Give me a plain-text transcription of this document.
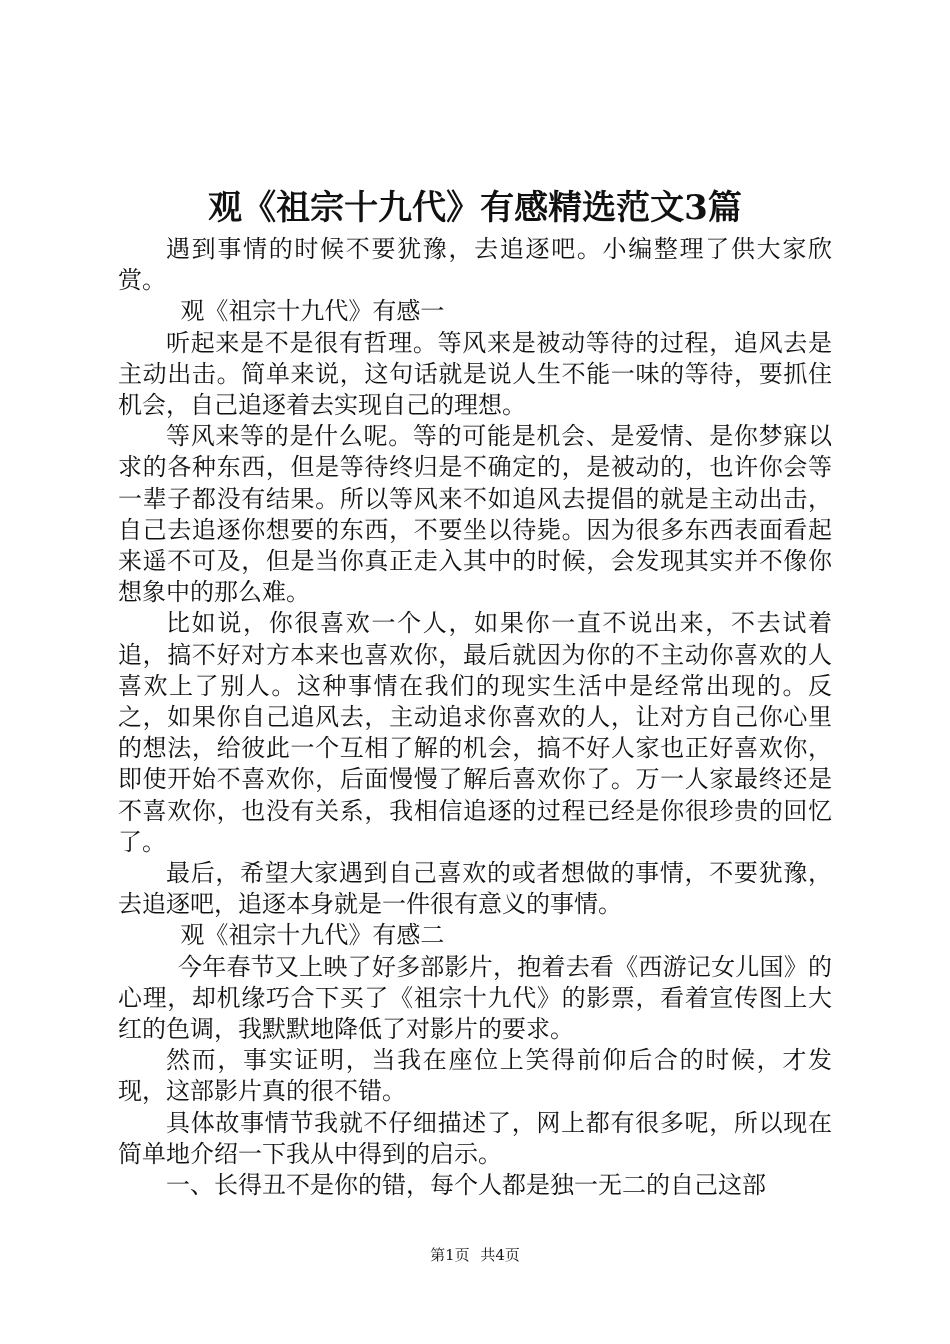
观《祖宗十九代》有感精选范文3篇

遇到事情的时候不要犹豫，去追逐吧。小编整理了供大家欣赏。

观《祖宗十九代》有感一

听起来是不是很有哲理。等风来是被动等待的过程，追风去是主动出击。简单来说，这句话就是说人生不能一味的等待，要抓住机会，自己追逐着去实现自己的理想。

等风来等的是什么呢。等的可能是机会、是爱情、是你梦寐以求的各种东西，但是等待终归是不确定的，是被动的，也许你会等一辈子都没有结果。所以等风来不如追风去提倡的就是主动出击，自己去追逐你想要的东西，不要坐以待毙。因为很多东西表面看起来遥不可及，但是当你真正走入其中的时候，会发现其实并不像你想象中的那么难。

比如说，你很喜欢一个人，如果你一直不说出来，不去试着追，搞不好对方本来也喜欢你，最后就因为你的不主动你喜欢的人喜欢上了别人。这种事情在我们的现实生活中是经常出现的。反之，如果你自己追风去，主动追求你喜欢的人，让对方自己你心里的想法，给彼此一个互相了解的机会，搞不好人家也正好喜欢你，即使开始不喜欢你，后面慢慢了解后喜欢你了。万一人家最终还是不喜欢你，也没有关系，我相信追逐的过程已经是你很珍贵的回忆了。

最后，希望大家遇到自己喜欢的或者想做的事情，不要犹豫，去追逐吧，追逐本身就是一件很有意义的事情。

观《祖宗十九代》有感二

今年春节又上映了好多部影片，抱着去看《西游记女儿国》的心理，却机缘巧合下买了《祖宗十九代》的影票，看着宣传图上大红的色调，我默默地降低了对影片的要求。

然而，事实证明，当我在座位上笑得前仰后合的时候，才发现，这部影片真的很不错。

具体故事情节我就不仔细描述了，网上都有很多呢，所以现在简单地介绍一下我从中得到的启示。

一、长得丑不是你的错，每个人都是独一无二的自己这部

第1页 共4页
